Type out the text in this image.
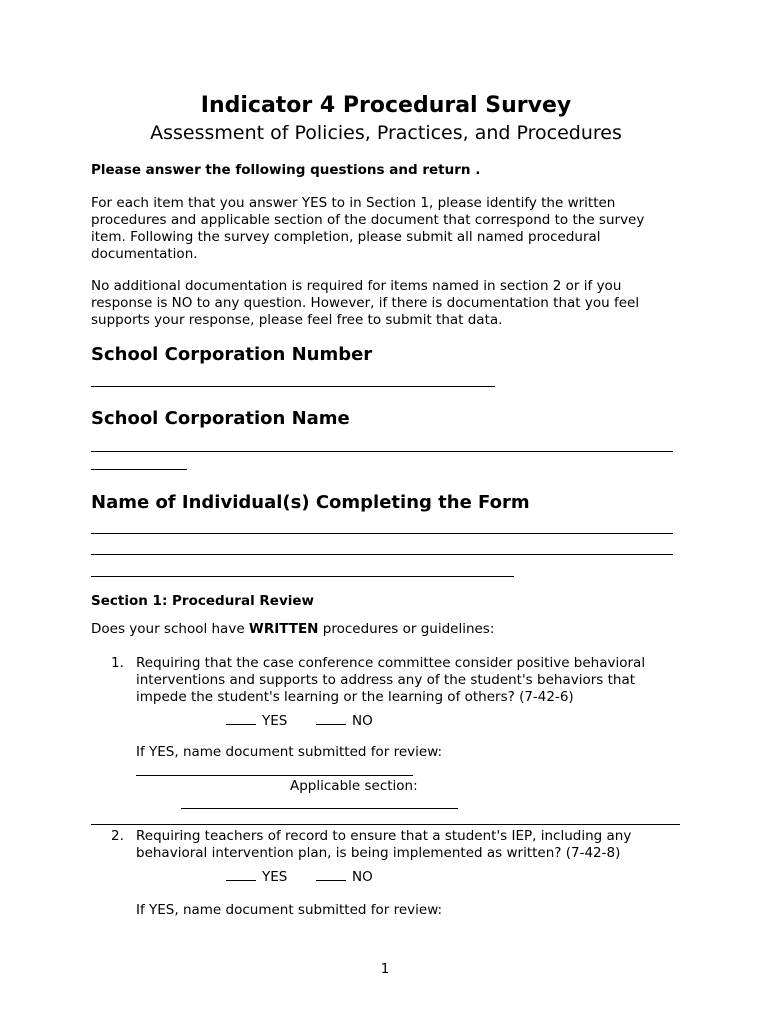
Indicator 4 Procedural Survey
Assessment of Policies, Practices, and Procedures
Please answer the following questions and return .
For each item that you answer YES to in Section 1, please identify the written procedures and applicable section of the document that correspond to the survey item. Following the survey completion, please submit all named procedural documentation.
No additional documentation is required for items named in section 2 or if you response is NO to any question. However, if there is documentation that you feel supports your response, please feel free to submit that data.
School Corporation Number
School Corporation Name
Name of Individual(s) Completing the Form
Section 1: Procedural Review
Does your school have WRITTEN procedures or guidelines:
1. Requiring that the case conference committee consider positive behavioral interventions and supports to address any of the student's behaviors that impede the student's learning or the learning of others? (7-42-6)
YES	NO
If YES, name document submitted for review:
Applicable section:
2. Requiring teachers of record to ensure that a student's IEP, including any behavioral intervention plan, is being implemented as written? (7-42-8)
YES	NO
If YES, name document submitted for review:
1
